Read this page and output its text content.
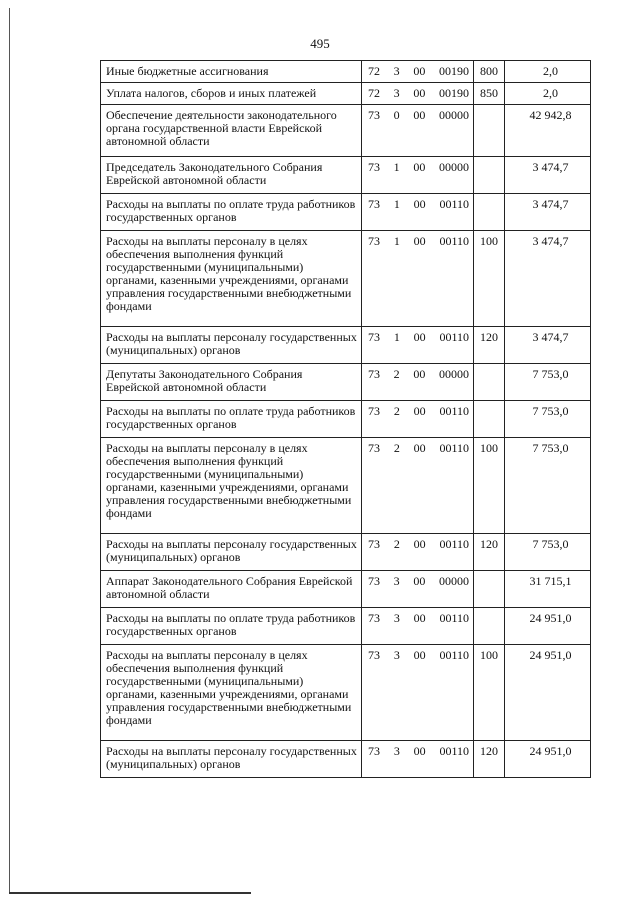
495
Иные бюджетные ассигнования	72 3 00 00190	800	2,0
Уплата налогов, сборов и иных платежей	72 3 00 00190	850	2,0
Обеспечение деятельности законодательного органа государственной власти Еврейской автономной области	73 0 00 00000		42 942,8
Председатель Законодательного Собрания Еврейской автономной области	73 1 00 00000		3 474,7
Расходы на выплаты по оплате труда работников государственных органов	73 1 00 00110		3 474,7
Расходы на выплаты персоналу в целях обеспечения выполнения функций государственными (муниципальными) органами, казенными учреждениями, органами управления государственными внебюджетными фондами	73 1 00 00110	100	3 474,7
Расходы на выплаты персоналу государственных (муниципальных) органов	73 1 00 00110	120	3 474,7
Депутаты Законодательного Собрания Еврейской автономной области	73 2 00 00000		7 753,0
Расходы на выплаты по оплате труда работников государственных органов	73 2 00 00110		7 753,0
Расходы на выплаты персоналу в целях обеспечения выполнения функций государственными (муниципальными) органами, казенными учреждениями, органами управления государственными внебюджетными фондами	73 2 00 00110	100	7 753,0
Расходы на выплаты персоналу государственных (муниципальных) органов	73 2 00 00110	120	7 753,0
Аппарат Законодательного Собрания Еврейской автономной области	73 3 00 00000		31 715,1
Расходы на выплаты по оплате труда работников государственных органов	73 3 00 00110		24 951,0
Расходы на выплаты персоналу в целях обеспечения выполнения функций государственными (муниципальными) органами, казенными учреждениями, органами управления государственными внебюджетными фондами	73 3 00 00110	100	24 951,0
Расходы на выплаты персоналу государственных (муниципальных) органов	73 3 00 00110	120	24 951,0
